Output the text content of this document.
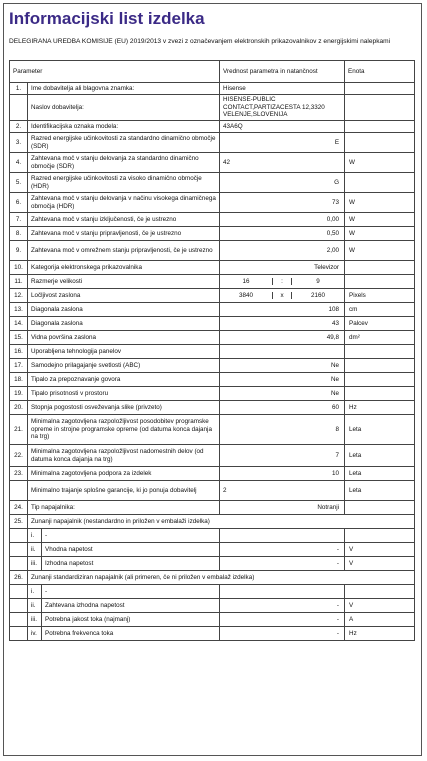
Informacijski list izdelka
DELEGIRANA UREDBA KOMISIJE (EU) 2019/2013 v zvezi z označevanjem elektronskih prikazovalnikov z energijskimi nalepkami
Parameter			Vrednost parametra in natančnost	Enota
1.	Ime dobavitelja ali blagovna znamka:		Hisense	
	Naslov dobavitelja:		HISENSE-PUBLIC CONTACT,PARTIZACESTA 12,3320 VELENJE,SLOVENIJA	
2.	Identifikacijska oznaka modela:		43A6Q	
3.	Razred energijske učinkovitosti za standardno dinamično območje (SDR)		E	
4.	Zahtevana moč v stanju delovanja za standardno dinamično območje (SDR)		42	W
5.	Razred energijske učinkovitosti za visoko dinamično območje (HDR)		G	
6.	Zahtevana moč v stanju delovanja v načinu visokega dinamičnega območja (HDR)		73	W
7.	Zahtevana moč v stanju izključenosti, če je ustrezno		0,00	W
8.	Zahtevana moč v stanju pripravljenosti, če je ustrezno		0,50	W
9.	Zahtevana moč v omrežnem stanju pripravljenosti, če je ustrezno		2,00	W
10.	Kategorija elektronskega prikazovalnika		Televizor	
11.	Razmerje velikosti		16 : 9	

12.	Ločljivost zaslona		3840 x 2160	Pixels
13.	Diagonala zaslona		108	cm
14.	Diagonala zaslona		43	Palcev
15.	Vidna površina zaslona		49,8	dm²
16.	Uporabljena tehnologija panelov			
17.	Samodejno prilagajanje svetlosti (ABC)		Ne	
18.	Tipalo za prepoznavanje govora		Ne	
19.	Tipalo prisotnosti v prostoru		Ne	
20.	Stopnja pogostosti osveževanja slike (privzeto)		60	Hz
21.	Minimalna zagotovljena razpoložljivost posodobitev programske opreme in strojne programske opreme (od datuma konca dajanja na trg)		8	Leta
22.	Minimalna zagotovljena razpoložljivost nadomestnih delov (od datuma konca dajanja na trg)		7	Leta
23.	Minimalna zagotovljena podpora za izdelek		10	Leta
	Minimalno trajanje splošne garancije, ki jo ponuja dobavitelj		2	Leta
24.	Tip napajalnika:		Notranji	
25.	Zunanji napajalnik (nestandardno in priložen v embalaži izdelka)			
	i.	-		
	ii.	Vhodna napetost	-	V
	iii.	Izhodna napetost	-	V
26.	Zunanji standardiziran napajalnik (ali primeren, če ni priložen v embalaž izdelka)			
	i.	-		
	ii.	Zahtevana izhodna napetost	-	V
	iii.	Potrebna jakost toka (najmanj)	-	A
	iv.	Potrebna frekvenca toka	-	Hz
